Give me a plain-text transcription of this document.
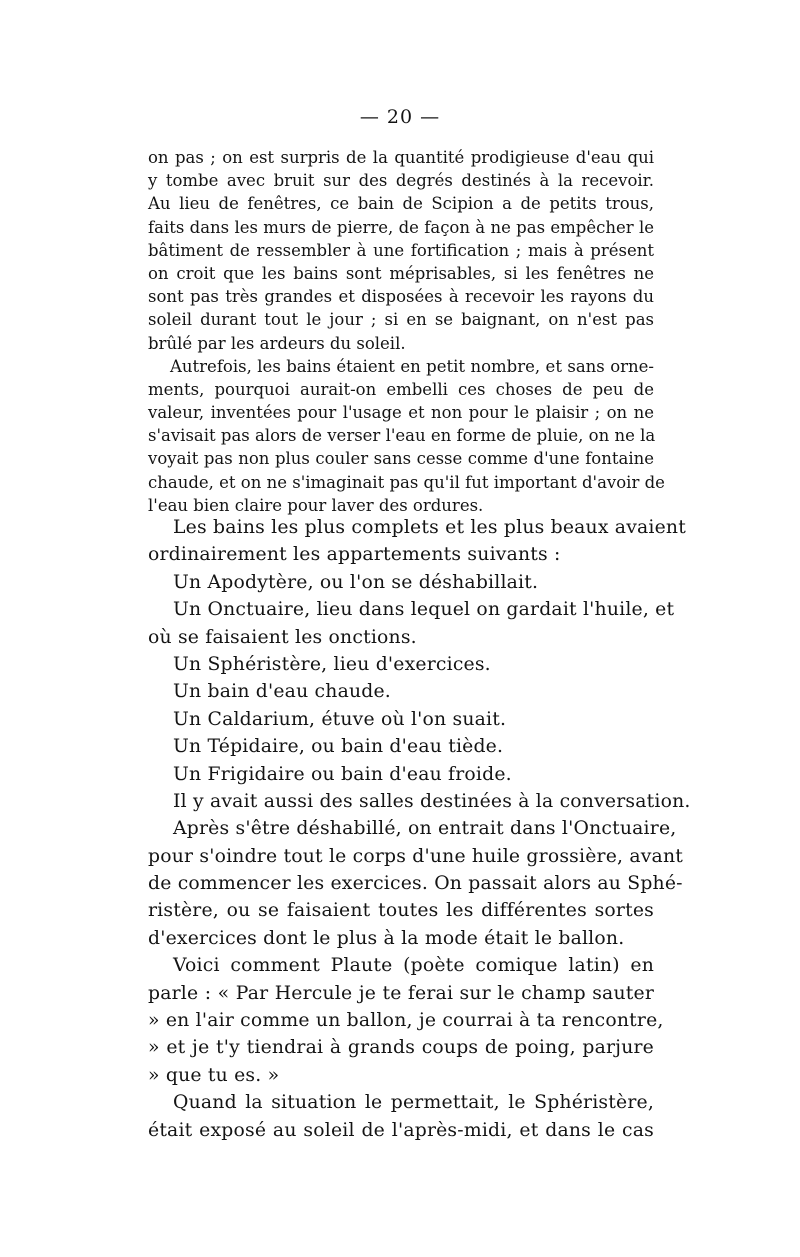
— 20 —
on pas ; on est surpris de la quantité prodigieuse d'eau qui
y tombe avec bruit sur des degrés destinés à la recevoir.
Au lieu de fenêtres, ce bain de Scipion a de petits trous,
faits dans les murs de pierre, de façon à ne pas empêcher le
bâtiment de ressembler à une fortification ; mais à présent
on croit que les bains sont méprisables, si les fenêtres ne
sont pas très grandes et disposées à recevoir les rayons du
soleil durant tout le jour ; si en se baignant, on n'est pas
brûlé par les ardeurs du soleil.
Autrefois, les bains étaient en petit nombre, et sans orne-
ments, pourquoi aurait-on embelli ces choses de peu de
valeur, inventées pour l'usage et non pour le plaisir ; on ne
s'avisait pas alors de verser l'eau en forme de pluie, on ne la
voyait pas non plus couler sans cesse comme d'une fontaine
chaude, et on ne s'imaginait pas qu'il fut important d'avoir de
l'eau bien claire pour laver des ordures.
Les bains les plus complets et les plus beaux avaient
ordinairement les appartements suivants :
Un Apodytère, ou l'on se déshabillait.
Un Onctuaire, lieu dans lequel on gardait l'huile, et
où se faisaient les onctions.
Un Sphéristère, lieu d'exercices.
Un bain d'eau chaude.
Un Caldarium, étuve où l'on suait.
Un Tépidaire, ou bain d'eau tiède.
Un Frigidaire ou bain d'eau froide.
Il y avait aussi des salles destinées à la conversation.
Après s'être déshabillé, on entrait dans l'Onctuaire,
pour s'oindre tout le corps d'une huile grossière, avant
de commencer les exercices. On passait alors au Sphé-
ristère, ou se faisaient toutes les différentes sortes
d'exercices dont le plus à la mode était le ballon.
Voici comment Plaute (poète comique latin) en
parle : « Par Hercule je te ferai sur le champ sauter
» en l'air comme un ballon, je courrai à ta rencontre,
» et je t'y tiendrai à grands coups de poing, parjure
» que tu es. »
Quand la situation le permettait, le Sphéristère,
était exposé au soleil de l'après-midi, et dans le cas
